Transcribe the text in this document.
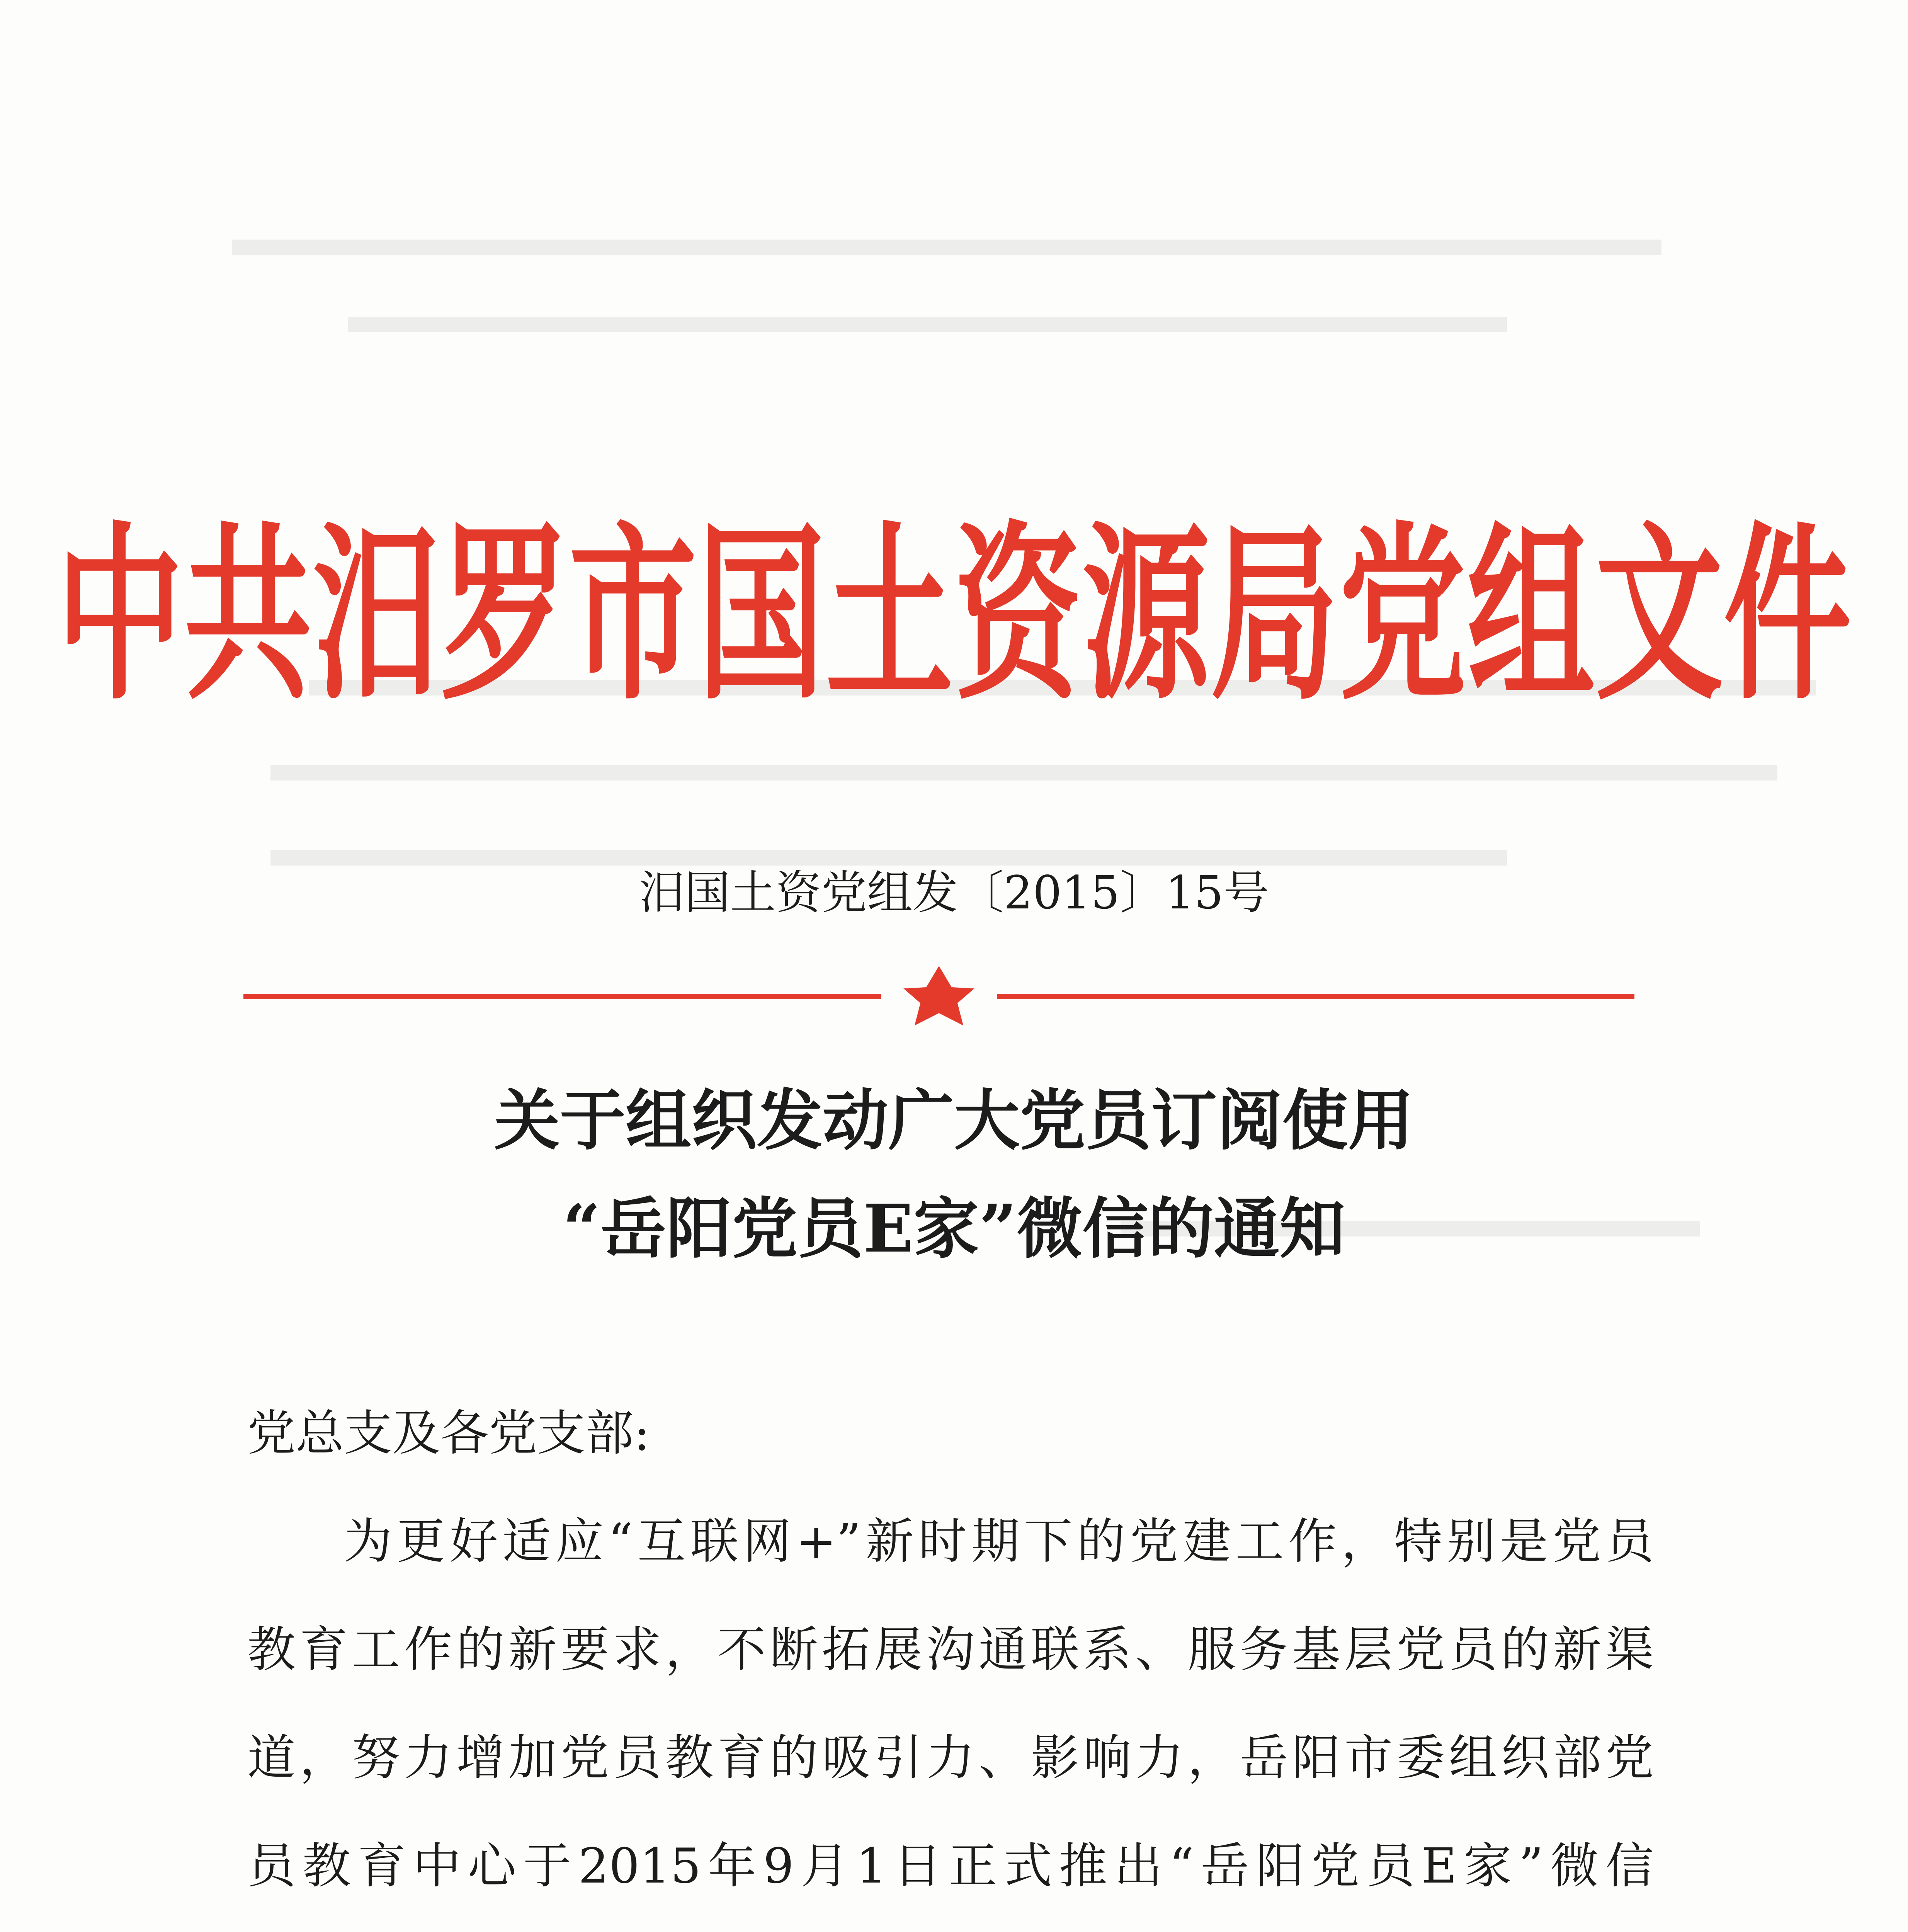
中共汨罗市国土资源局党组文件
汨国土资党组发〔2015〕15号
关于组织发动广大党员订阅使用
“岳阳党员E家”微信的通知
党总支及各党支部:
为更好适应“互联网+”新时期下的党建工作，特别是党员
教育工作的新要求，不断拓展沟通联系、服务基层党员的新渠
道，努力增加党员教育的吸引力、影响力，岳阳市委组织部党
员教育中心于2015年9月1日正式推出“岳阳党员E家”微信
